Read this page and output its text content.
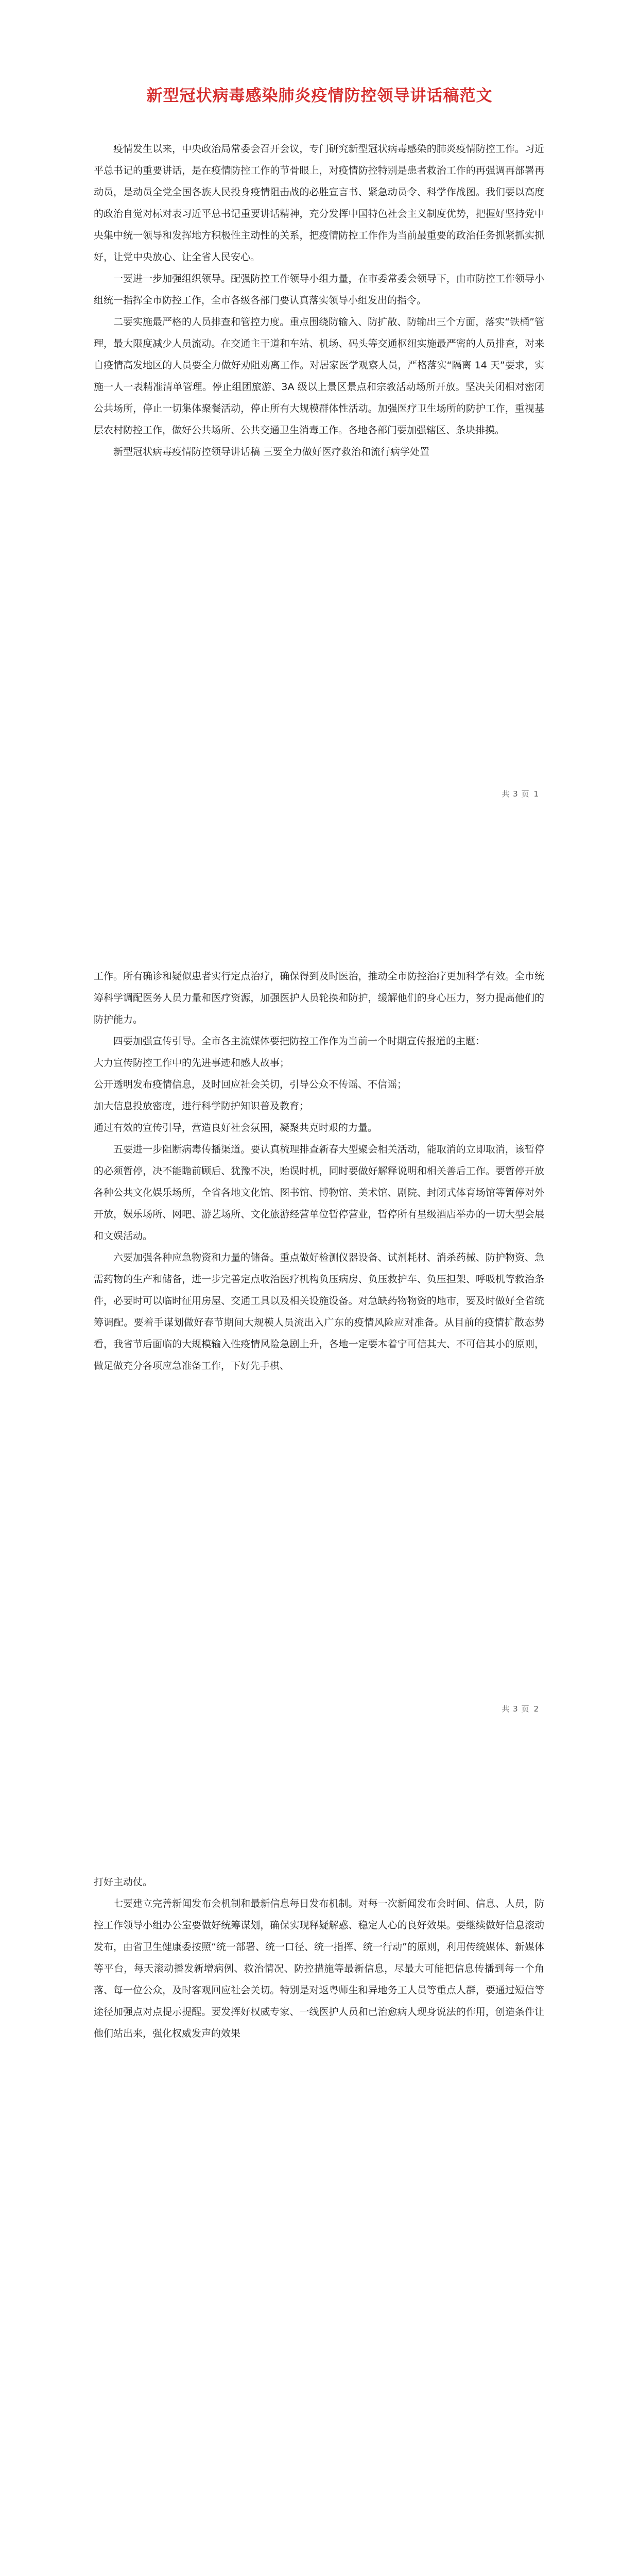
新型冠状病毒感染肺炎疫情防控领导讲话稿范文

疫情发生以来，中央政治局常委会召开会议，专门研究新型冠状病毒感染的肺炎疫情防控工作。习近平总书记的重要讲话，是在疫情防控工作的节骨眼上，对疫情防控特别是患者救治工作的再强调再部署再动员，是动员全党全国各族人民投身疫情阻击战的必胜宣言书、紧急动员令、科学作战图。我们要以高度的政治自觉对标对表习近平总书记重要讲话精神，充分发挥中国特色社会主义制度优势，把握好坚持党中央集中统一领导和发挥地方积极性主动性的关系，把疫情防控工作作为当前最重要的政治任务抓紧抓实抓好，让党中央放心、让全省人民安心。

一要进一步加强组织领导。配强防控工作领导小组力量，在市委常委会领导下，由市防控工作领导小组统一指挥全市防控工作，全市各级各部门要认真落实领导小组发出的指令。

二要实施最严格的人员排查和管控力度。重点围绕防输入、防扩散、防输出三个方面，落实“铁桶”管理，最大限度减少人员流动。在交通主干道和车站、机场、码头等交通枢纽实施最严密的人员排查，对来自疫情高发地区的人员要全力做好劝阻劝离工作。对居家医学观察人员，严格落实“隔离 14 天”要求，实施一人一表精准清单管理。停止组团旅游、3A 级以上景区景点和宗教活动场所开放。坚决关闭相对密闭公共场所，停止一切集体聚餐活动，停止所有大规模群体性活动。加强医疗卫生场所的防护工作，重视基层农村防控工作，做好公共场所、公共交通卫生消毒工作。各地各部门要加强辖区、条块排摸。

新型冠状病毒疫情防控领导讲话稿 三要全力做好医疗救治和流行病学处置

共 3 页 1

工作。所有确诊和疑似患者实行定点治疗，确保得到及时医治，推动全市防控治疗更加科学有效。全市统筹科学调配医务人员力量和医疗资源，加强医护人员轮换和防护，缓解他们的身心压力，努力提高他们的防护能力。

四要加强宣传引导。全市各主流媒体要把防控工作作为当前一个时期宣传报道的主题：

大力宣传防控工作中的先进事迹和感人故事；

公开透明发布疫情信息，及时回应社会关切，引导公众不传谣、不信谣；

加大信息投放密度，进行科学防护知识普及教育；

通过有效的宣传引导，营造良好社会氛围，凝聚共克时艰的力量。

五要进一步阻断病毒传播渠道。要认真梳理排查新春大型聚会相关活动，能取消的立即取消，该暂停的必须暂停，决不能瞻前顾后、犹豫不决，贻误时机，同时要做好解释说明和相关善后工作。要暂停开放各种公共文化娱乐场所，全省各地文化馆、图书馆、博物馆、美术馆、剧院、封闭式体育场馆等暂停对外开放，娱乐场所、网吧、游艺场所、文化旅游经营单位暂停营业，暂停所有星级酒店举办的一切大型会展和文娱活动。

六要加强各种应急物资和力量的储备。重点做好检测仪器设备、试剂耗材、消杀药械、防护物资、急需药物的生产和储备，进一步完善定点收治医疗机构负压病房、负压救护车、负压担架、呼吸机等救治条件，必要时可以临时征用房屋、交通工具以及相关设施设备。对急缺药物物资的地市，要及时做好全省统筹调配。要着手谋划做好春节期间大规模人员流出入广东的疫情风险应对准备。从目前的疫情扩散态势看，我省节后面临的大规模输入性疫情风险急剧上升，各地一定要本着宁可信其大、不可信其小的原则，做足做充分各项应急准备工作，下好先手棋、

共 3 页 2

打好主动仗。

七要建立完善新闻发布会机制和最新信息每日发布机制。对每一次新闻发布会时间、信息、人员，防控工作领导小组办公室要做好统筹谋划，确保实现释疑解惑、稳定人心的良好效果。要继续做好信息滚动发布，由省卫生健康委按照“统一部署、统一口径、统一指挥、统一行动”的原则，利用传统媒体、新媒体等平台，每天滚动播发新增病例、救治情况、防控措施等最新信息，尽最大可能把信息传播到每一个角落、每一位公众，及时客观回应社会关切。特别是对返粤师生和异地务工人员等重点人群，要通过短信等途径加强点对点提示提醒。要发挥好权威专家、一线医护人员和已治愈病人现身说法的作用，创造条件让他们站出来，强化权威发声的效果
